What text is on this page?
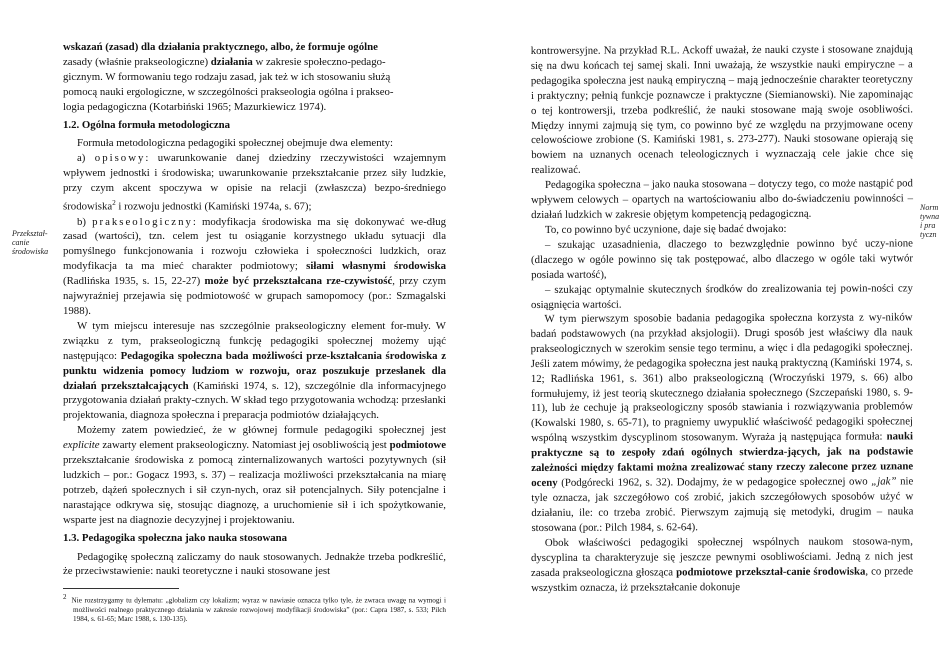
Przekształ-canie środowiska

wskazań (zasad) dla działania praktycznego, albo, że formuje ogólne
zasady (właśnie prakseologiczne) działania w zakresie społeczno-pedago-
gicznym. W formowaniu tego rodzaju zasad, jak też w ich stosowaniu służą
pomocą nauki ergologiczne, w szczególności prakseologia ogólna i prakseo-
logia pedagogiczna (Kotarbiński 1965; Mazurkiewicz 1974).

1.2. Ogólna formuła metodologiczna

Formuła metodologiczna pedagogiki społecznej obejmuje dwa elementy:

a) opisowy: uwarunkowanie danej dziedziny rzeczywistości wzajemnym wpływem jednostki i środowiska; uwarunkowanie przekształcanie przez siły ludzkie, przy czym akcent spoczywa w opisie na relacji (zwłaszcza) bezpo-średniego środowiska$^2$ i rozwoju jednostki (Kamiński 1974a, s. 67);

b) prakseologiczny: modyfikacja środowiska ma się dokonywać we-dług zasad (wartości), tzn. celem jest tu osiąganie korzystnego układu sytuacji dla pomyślnego funkcjonowania i rozwoju człowieka i społeczności ludzkich, oraz modyfikacja ta ma mieć charakter podmiotowy; siłami własnymi środowiska (Radlińska 1935, s. 15, 22-27) może być przekształcana rze-czywistość, przy czym najwyraźniej przejawia się podmiotowość w grupach samopomocy (por.: Szmagalski 1988).

W tym miejscu interesuje nas szczególnie prakseologiczny element for-muły. W związku z tym, prakseologiczną funkcję pedagogiki społecznej możemy ująć następująco: Pedagogika społeczna bada możliwości prze-kształcania środowiska z punktu widzenia pomocy ludziom w rozwoju, oraz poszukuje przesłanek dla działań przekształcających (Kamiński 1974, s. 12), szczególnie dla informacyjnego przygotowania działań prakty-cznych. W skład tego przygotowania wchodzą: przesłanki projektowania, diagnoza społeczna i preparacja podmiotów działających.

Możemy zatem powiedzieć, że w głównej formule pedagogiki społecznej jest explicite zawarty element prakseologiczny. Natomiast jej osobliwością jest podmiotowe przekształcanie środowiska z pomocą zinternalizowanych wartości pozytywnych (sił ludzkich – por.: Gogacz 1993, s. 37) – realizacja możliwości przekształcania na miarę potrzeb, dążeń społecznych i sił czyn-nych, oraz sił potencjalnych. Siły potencjalne i narastające odkrywa się, stosując diagnozę, a uruchomienie sił i ich spożytkowanie, wsparte jest na diagnozie decyzyjnej i projektowaniu.

1.3. Pedagogika społeczna jako nauka stosowana

Pedagogikę społeczną zaliczamy do nauk stosowanych. Jednakże trzeba podkreślić, że przeciwstawienie: nauki teoretyczne i nauki stosowane jest

$^2$ Nie rozstrzygamy tu dylematu: „globalizm czy lokalizm; wyraz w nawiasie oznacza tylko tyle, że zwraca uwagę na wymogi i możliwości realnego praktycznego działania w zakresie rozwojowej modyfikacji środowiska” (por.: Capra 1987, s. 533; Pilch 1984, s. 61-65; Marc 1988, s. 130-135).

Norm
tywna
i pra
tyczn

kontrowersyjne. Na przykład R.L. Ackoff uważał, że nauki czyste i stosowane znajdują się na dwu końcach tej samej skali. Inni uważają, że wszystkie nauki empiryczne – a pedagogika społeczna jest nauką empiryczną – mają jednocześnie charakter teoretyczny i praktyczny; pełnią funkcje poznawcze i praktyczne (Siemianowski). Nie zapominając o tej kontrowersji, trzeba podkreślić, że nauki stosowane mają swoje osobliwości. Między innymi zajmują się tym, co powinno być ze względu na przyjmowane oceny celowościowe zrobione (S. Kamiński 1981, s. 273-277). Nauki stosowane opierają się bowiem na uznanych ocenach teleologicznych i wyznaczają cele jakie chce się realizować.

Pedagogika społeczna – jako nauka stosowana – dotyczy tego, co może nastąpić pod wpływem celowych – opartych na wartościowaniu albo do-świadczeniu powinności – działań ludzkich w zakresie objętym kompetencją pedagogiczną.

To, co powinno być uczynione, daje się badać dwojako:

– szukając uzasadnienia, dlaczego to bezwzględnie powinno być uczy-nione (dlaczego w ogóle powinno się tak postępować, albo dlaczego w ogóle taki wytwór posiada wartość),

– szukając optymalnie skutecznych środków do zrealizowania tej powin-ności czy osiągnięcia wartości.

W tym pierwszym sposobie badania pedagogika społeczna korzysta z wy-ników badań podstawowych (na przykład aksjologii). Drugi sposób jest właściwy dla nauk prakseologicznych w szerokim sensie tego terminu, a więc i dla pedagogiki społecznej. Jeśli zatem mówimy, że pedagogika społeczna jest nauką praktyczną (Kamiński 1974, s. 12; Radlińska 1961, s. 361) albo prakseologiczną (Wroczyński 1979, s. 66) albo formułujemy, iż jest teorią skutecznego działania społecznego (Szczepański 1980, s. 9-11), lub że cechuje ją prakseologiczny sposób stawiania i rozwiązywania problemów (Kowalski 1980, s. 65-71), to pragniemy uwypuklić właściwość pedagogiki społecznej wspólną wszystkim dyscyplinom stosowanym. Wyraża ją następująca formuła: nauki praktyczne są to zespoły zdań ogólnych stwierdza-jących, jak na podstawie zależności między faktami można zrealizować stany rzeczy zalecone przez uznane oceny (Podgórecki 1962, s. 32). Dodajmy, że w pedagogice społecznej owo „jak” nie tyle oznacza, jak szczegółowo coś zrobić, jakich szczegółowych sposobów użyć w działaniu, ile: co trzeba zrobić. Pierwszym zajmują się metodyki, drugim – nauka stosowana (por.: Pilch 1984, s. 62-64).

Obok właściwości pedagogiki społecznej wspólnych naukom stosowa-nym, dyscyplina ta charakteryzuje się jeszcze pewnymi osobliwościami. Jedną z nich jest zasada prakseologiczna głosząca podmiotowe przekształ-canie środowiska, co przede wszystkim oznacza, iż przekształcanie dokonuje
